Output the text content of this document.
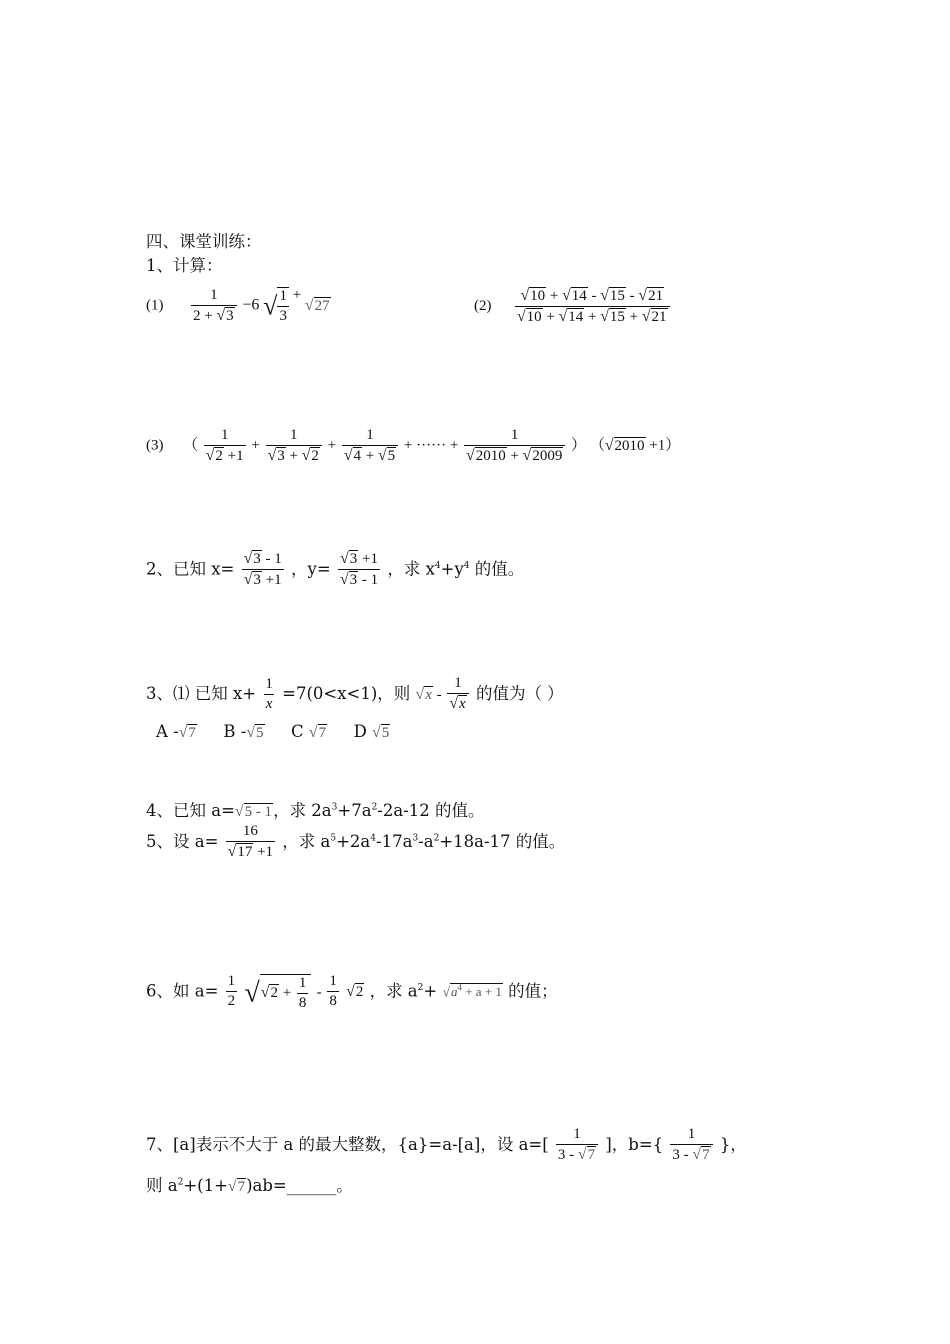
四、课堂训练：
1、计算：
$(1) \frac{1}{2 + √3} -6$ √ $\frac{1}{3} + √27$	$(2) \frac{√10 + √14 - √15 - √21}{√10 + √14 + √15 + √21}$
(3) （ $\frac{1}{√2 +1} + \frac{1}{√3 + √2} + \frac{1}{√4 + √5}$ + ······ + $\frac{1}{√2010 + √2009}$ ） （√2010 +1）
2、已知 $x= \frac{√3 - 1}{√3 +1}$ ，$y= \frac{√3 +1}{√3 - 1}$ ，求 $x^4+y^4$ 的值。
3、⑴ 已知 $x+ \frac{1}{x} =7(0<x<1)$，则 $√x - \frac{1}{√x}$ 的值为（ ）
A -√7 B -√5 C √7 D √5
4、已知 a=√5 - 1，求 $2a^3+7a^2-2a-12$ 的值。
5、设 $a= \frac{16}{√17 +1}$ ，求 $a^5+2a^4-17a^3-a^2+18a-17$ 的值。
6、如 $a= \frac{1}{2} √√2 + \frac{1}{8} - \frac{1}{8} √2$ ，求 $a^2+ √a^4 + a + 1$ 的值；
7、[a]表示不大于 a 的最大整数，{a}=a-[a]，设 $a=[ \frac{1}{3 - √7}$ ]，$b=\{ \frac{1}{3 - √7}$ }，
则 $a^2+(1+√7)ab=\_\_\_\_\_\_$。
